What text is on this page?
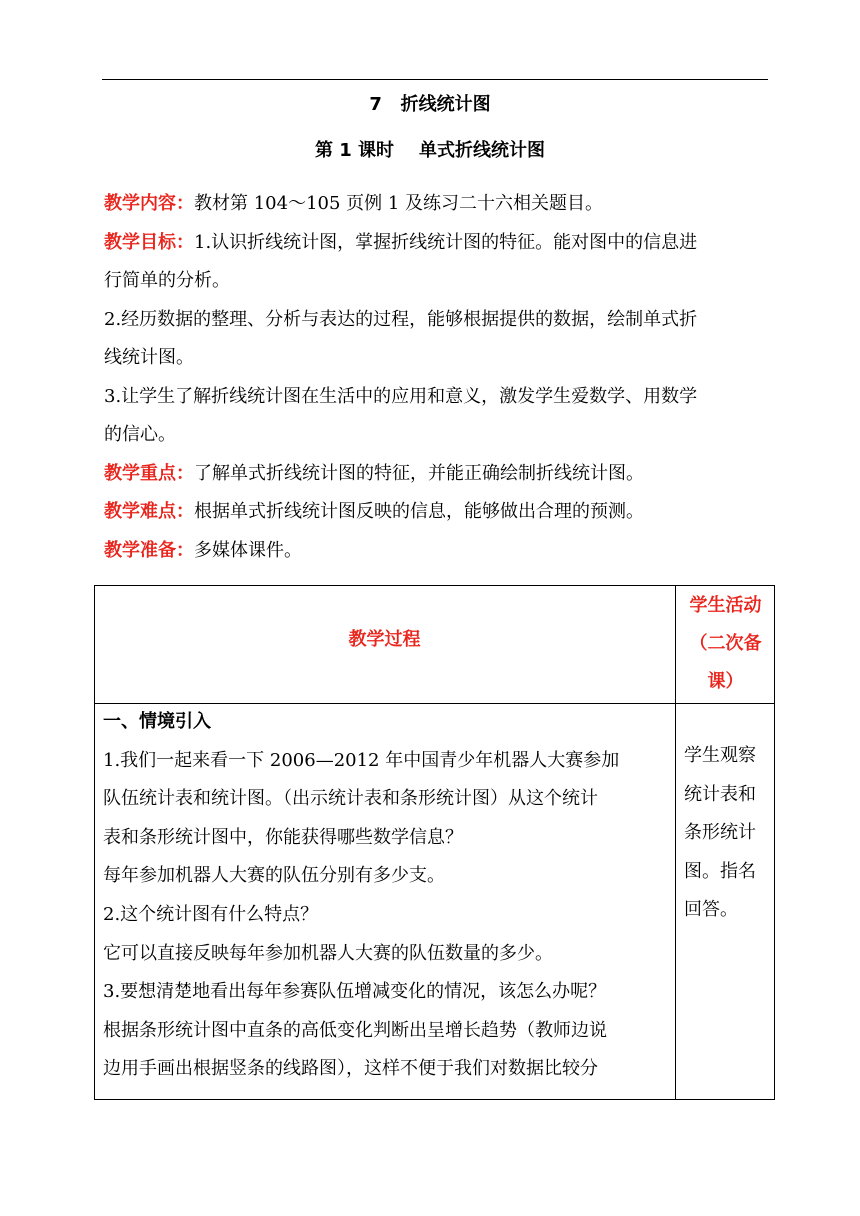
7   折线统计图
第 1 课时    单式折线统计图
教学内容：教材第 104～105 页例 1 及练习二十六相关题目。
教学目标：1.认识折线统计图，掌握折线统计图的特征。能对图中的信息进
行简单的分析。
2.经历数据的整理、分析与表达的过程，能够根据提供的数据，绘制单式折
线统计图。
3.让学生了解折线统计图在生活中的应用和意义，激发学生爱数学、用数学
的信心。
教学重点：了解单式折线统计图的特征，并能正确绘制折线统计图。
教学难点：根据单式折线统计图反映的信息，能够做出合理的预测。
教学准备：多媒体课件。
教学过程
学生活动
（二次备
课）
一、情境引入
1.我们一起来看一下 2006—2012 年中国青少年机器人大赛参加
队伍统计表和统计图。（出示统计表和条形统计图）从这个统计
表和条形统计图中，你能获得哪些数学信息？
每年参加机器人大赛的队伍分别有多少支。
2.这个统计图有什么特点？
它可以直接反映每年参加机器人大赛的队伍数量的多少。
3.要想清楚地看出每年参赛队伍增减变化的情况，该怎么办呢？
根据条形统计图中直条的高低变化判断出呈增长趋势（教师边说
边用手画出根据竖条的线路图），这样不便于我们对数据比较分
学生观察
统计表和
条形统计
图。指名
回答。
